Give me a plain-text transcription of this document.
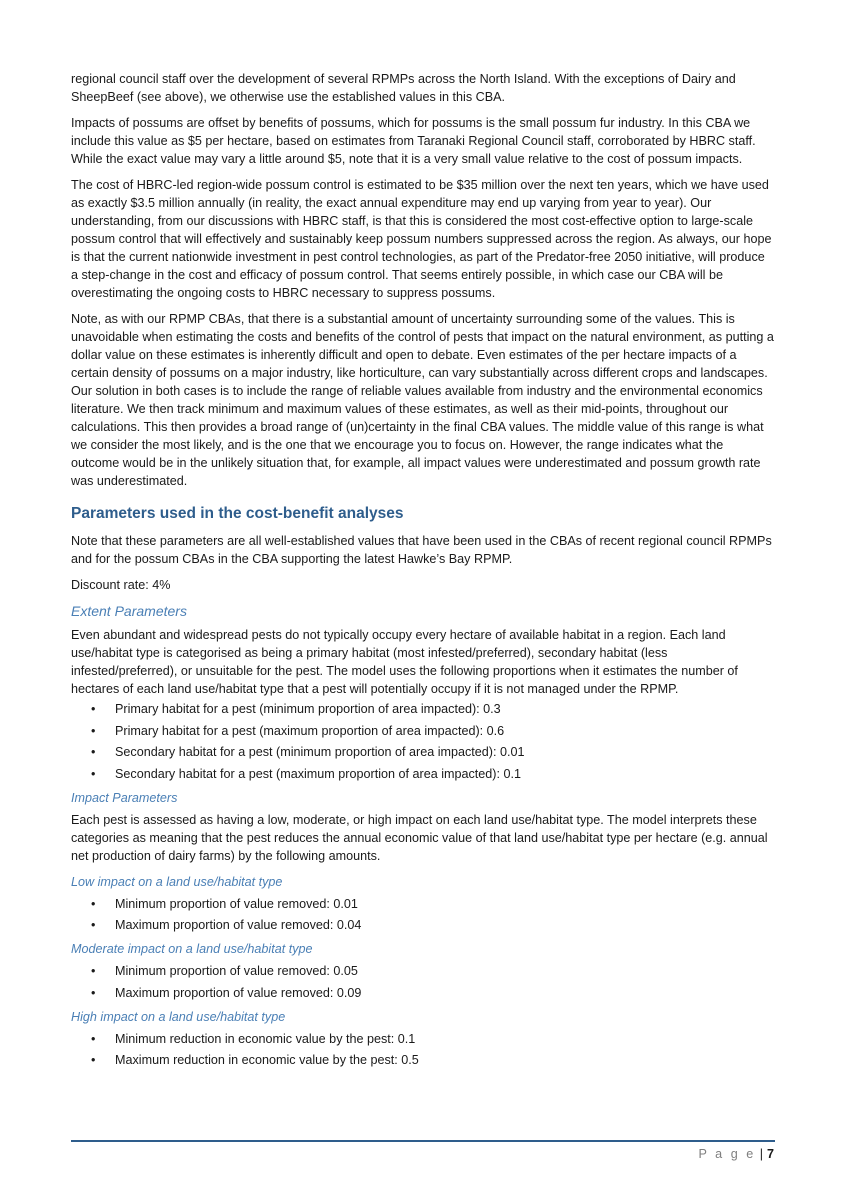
regional council staff over the development of several RPMPs across the North Island. With the exceptions of Dairy and SheepBeef (see above), we otherwise use the established values in this CBA.

Impacts of possums are offset by benefits of possums, which for possums is the small possum fur industry. In this CBA we include this value as $5 per hectare, based on estimates from Taranaki Regional Council staff, corroborated by HBRC staff. While the exact value may vary a little around $5, note that it is a very small value relative to the cost of possum impacts.

The cost of HBRC-led region-wide possum control is estimated to be $35 million over the next ten years, which we have used as exactly $3.5 million annually (in reality, the exact annual expenditure may end up varying from year to year). Our understanding, from our discussions with HBRC staff, is that this is considered the most cost-effective option to large-scale possum control that will effectively and sustainably keep possum numbers suppressed across the region. As always, our hope is that the current nationwide investment in pest control technologies, as part of the Predator-free 2050 initiative, will produce a step-change in the cost and efficacy of possum control. That seems entirely possible, in which case our CBA will be overestimating the ongoing costs to HBRC necessary to suppress possums.

Note, as with our RPMP CBAs, that there is a substantial amount of uncertainty surrounding some of the values. This is unavoidable when estimating the costs and benefits of the control of pests that impact on the natural environment, as putting a dollar value on these estimates is inherently difficult and open to debate. Even estimates of the per hectare impacts of a certain density of possums on a major industry, like horticulture, can vary substantially across different crops and landscapes. Our solution in both cases is to include the range of reliable values available from industry and the environmental economics literature. We then track minimum and maximum values of these estimates, as well as their mid-points, throughout our calculations. This then provides a broad range of (un)certainty in the final CBA values. The middle value of this range is what we consider the most likely, and is the one that we encourage you to focus on. However, the range indicates what the outcome would be in the unlikely situation that, for example, all impact values were underestimated and possum growth rate was underestimated.

Parameters used in the cost-benefit analyses

Note that these parameters are all well-established values that have been used in the CBAs of recent regional council RPMPs and for the possum CBAs in the CBA supporting the latest Hawke’s Bay RPMP.

Discount rate: 4%

Extent Parameters

Even abundant and widespread pests do not typically occupy every hectare of available habitat in a region. Each land use/habitat type is categorised as being a primary habitat (most infested/preferred), secondary habitat (less infested/preferred), or unsuitable for the pest. The model uses the following proportions when it estimates the number of hectares of each land use/habitat type that a pest will potentially occupy if it is not managed under the RPMP.

• Primary habitat for a pest (minimum proportion of area impacted): 0.3
• Primary habitat for a pest (maximum proportion of area impacted): 0.6
• Secondary habitat for a pest (minimum proportion of area impacted): 0.01
• Secondary habitat for a pest (maximum proportion of area impacted): 0.1
Impact Parameters

Each pest is assessed as having a low, moderate, or high impact on each land use/habitat type. The model interprets these categories as meaning that the pest reduces the annual economic value of that land use/habitat type per hectare (e.g. annual net production of dairy farms) by the following amounts.

Low impact on a land use/habitat type
• Minimum proportion of value removed: 0.01
• Maximum proportion of value removed: 0.04
Moderate impact on a land use/habitat type
• Minimum proportion of value removed: 0.05
• Maximum proportion of value removed: 0.09
High impact on a land use/habitat type
• Minimum reduction in economic value by the pest: 0.1
• Maximum reduction in economic value by the pest: 0.5
P a g e | 7
